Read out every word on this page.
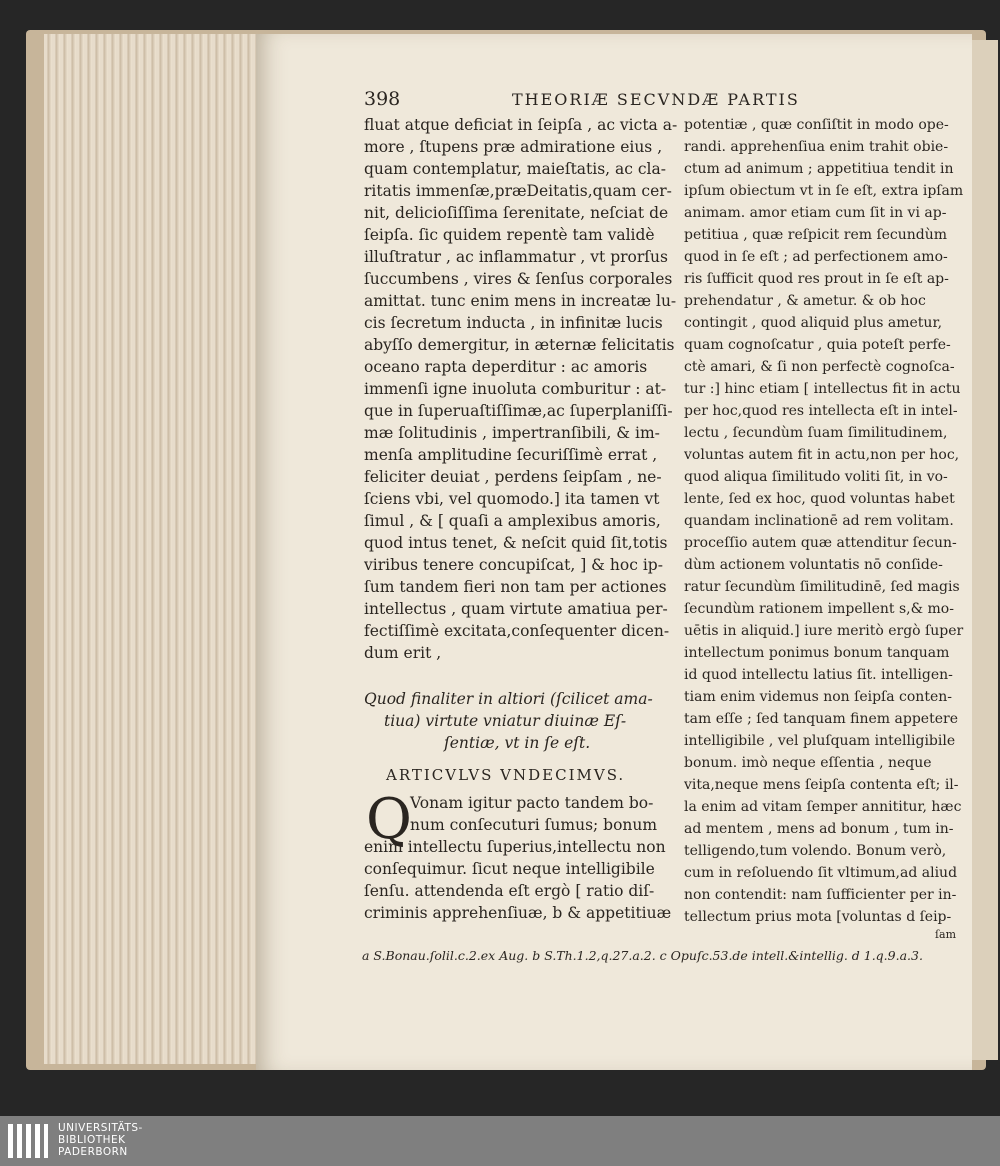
398	THEORIÆ SECVNDÆ PARTIS
fluat atque deficiat in ſeipſa , ac victa a-
more , ſtupens præ admiratione eius ,
quam contemplatur, maieſtatis, ac cla-
ritatis immenſæ,præDeitatis,quam cer-
nit, delicioſiſſima ſerenitate, neſciat de
ſeipſa. ſic quidem repentè tam validè
illuſtratur , ac inflammatur , vt prorſus
ſuccumbens , vires & ſenſus corporales
amittat. tunc enim mens in increatæ lu-
cis ſecretum inducta , in infinitæ lucis
abyſſo demergitur, in æternæ felicitatis
oceano rapta deperditur : ac amoris
immenſi igne inuoluta comburitur : at-
que in ſuperuaſtiſſimæ,ac ſuperplaniſſi-
mæ ſolitudinis , impertranſibili, & im-
menſa amplitudine ſecuriſſimè errat ,
feliciter deuiat , perdens ſeipſam , ne-
ſciens vbi, vel quomodo.] ita tamen vt
ſimul , & [ quaſi a amplexibus amoris,
quod intus tenet, & neſcit quid ſit,totis
viribus tenere concupiſcat, ] & hoc ip-
ſum tandem fieri non tam per actiones
intellectus , quam virtute amatiua per-
fectiſſimè excitata,conſequenter dicen-
dum erit ,
Quod finaliter in altiori (ſcilicet ama-
tiua) virtute vniatur diuinæ Eſ-
ſentiæ, vt in ſe eſt.
ARTICVLVS VNDECIMVS.
Q
Vonam igitur pacto tandem bo-
num conſecuturi ſumus; bonum
enim intellectu ſuperius,intellectu non
conſequimur. ſicut neque intelligibile
ſenſu. attendenda eſt ergò [ ratio diſ-
criminis apprehenſiuæ, b & appetitiuæ
potentiæ , quæ conſiſtit in modo ope-
randi. apprehenſiua enim trahit obie-
ctum ad animum ; appetitiua tendit in
ipſum obiectum vt in ſe eſt, extra ipſam
animam. amor etiam cum ſit in vi ap-
petitiua , quæ reſpicit rem ſecundùm
quod in ſe eſt ; ad perfectionem amo-
ris ſufficit quod res prout in ſe eſt ap-
prehendatur , & ametur. & ob hoc
contingit , quod aliquid plus ametur,
quam cognoſcatur , quia poteſt perfe-
ctè amari, & ſi non perfectè cognoſca-
tur :] hinc etiam [ intellectus fit in actu
per hoc,quod res intellecta eſt in intel-
lectu , ſecundùm ſuam ſimilitudinem,
voluntas autem fit in actu,non per hoc,
quod aliqua ſimilitudo voliti ſit, in vo-
lente, ſed ex hoc, quod voluntas habet
quandam inclinationē ad rem volitam.
proceſſio autem quæ attenditur ſecun-
dùm actionem voluntatis nō conſide-
ratur ſecundùm ſimilitudinē, ſed magis
ſecundùm rationem impellent s,& mo-
uētis in aliquid.] iure meritò ergò ſuper
intellectum ponimus bonum tanquam
id quod intellectu latius ſit. intelligen-
tiam enim videmus non ſeipſa conten-
tam eſſe ; ſed tanquam finem appetere
intelligibile , vel pluſquam intelligibile
bonum. imò neque eſſentia , neque
vita,neque mens ſeipſa contenta eſt; il-
la enim ad vitam ſemper annititur, hæc
ad mentem , mens ad bonum , tum in-
telligendo,tum volendo. Bonum verò,
cum in reſoluendo ſit vltimum,ad aliud
non contendit: nam ſufficienter per in-
tellectum prius mota [voluntas d ſeip-
ſam
a S.Bonau.ſolil.c.2.ex Aug. b S.Th.1.2,q.27.a.2. c Opuſc.53.de intell.&intellig. d 1.q.9.a.3.
UNIVERSITÄTS-
BIBLIOTHEK
PADERBORN
